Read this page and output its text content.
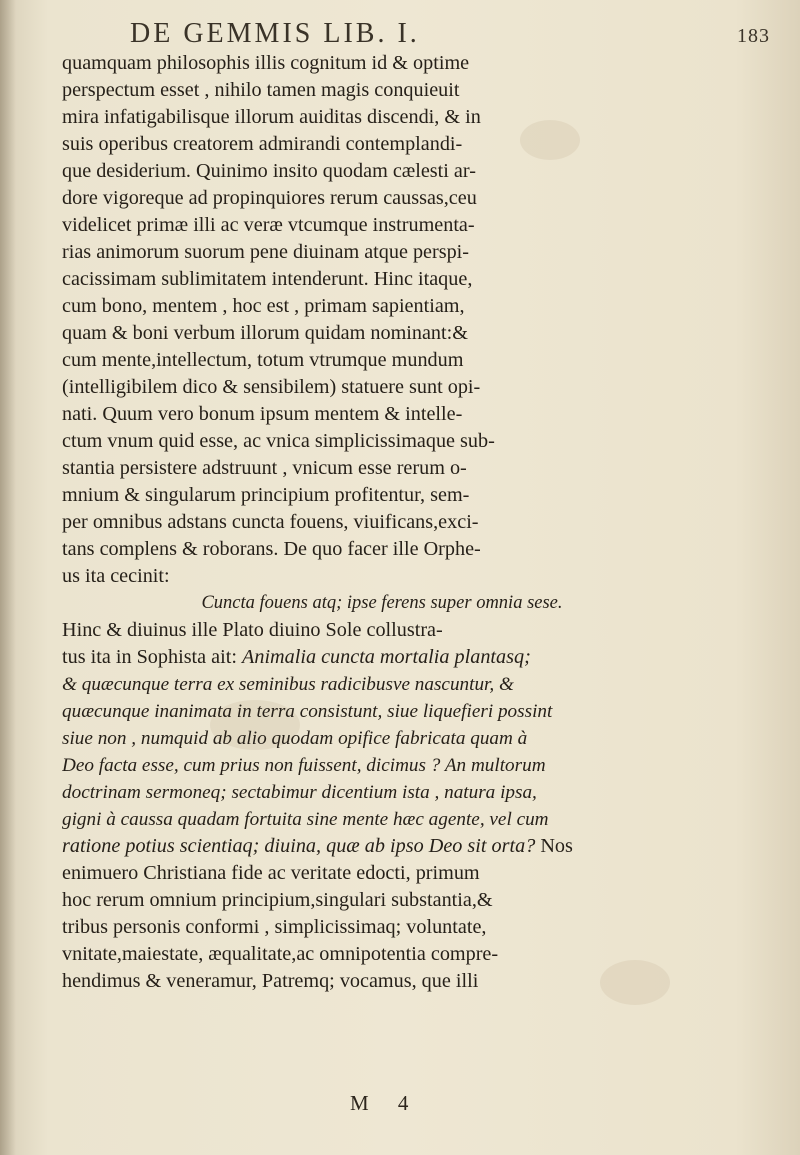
DE GEMMIS LIB. I.	183
quamquam philosophis illis cognitum id & optime
perspectum esset , nihilo tamen magis conquieuit
mira infatigabilisque illorum auiditas discendi, & in
suis operibus creatorem admirandi contemplandi-
que desiderium. Quinimo insito quodam cælesti ar-
dore vigoreque ad propinquiores rerum caussas,ceu
videlicet primæ illi ac veræ vtcumque instrumenta-
rias animorum suorum pene diuinam atque perspi-
cacissimam sublimitatem intenderunt. Hinc itaque,
cum bono, mentem , hoc est , primam sapientiam,
quam & boni verbum illorum quidam nominant:&
cum mente,intellectum, totum vtrumque mundum
(intelligibilem dico & sensibilem) statuere sunt opi-
nati. Quum vero bonum ipsum mentem & intelle-
ctum vnum quid esse, ac vnica simplicissimaque sub-
stantia persistere adstruunt , vnicum esse rerum o-
mnium & singularum principium profitentur, sem-
per omnibus adstans cuncta fouens, viuificans,exci-
tans complens & roborans. De quo facer ille Orphe-
us ita cecinit:
Cuncta fouens atq; ipse ferens super omnia sese.
Hinc & diuinus ille Plato diuino Sole collustra-
tus ita in Sophista ait: Animalia cuncta mortalia plantasq;
& quæcunque terra ex seminibus radicibusve nascuntur, &
quæcunque inanimata in terra consistunt, siue liquefieri possint
siue non , numquid ab alio quodam opifice fabricata quam à
Deo facta esse, cum prius non fuissent, dicimus ? An multorum
doctrinam sermoneq; sectabimur dicentium ista , natura ipsa,
gigni à caussa quadam fortuita sine mente hæc agente, vel cum
ratione potius scientiaq; diuina, quæ ab ipso Deo sit orta? Nos
enimuero Christiana fide ac veritate edocti, primum
hoc rerum omnium principium,singulari substantia,&
tribus personis conformi , simplicissimaq; voluntate,
vnitate,maiestate, æqualitate,ac omnipotentia compre-
hendimus & veneramur, Patremq; vocamus, que illi
M 4
